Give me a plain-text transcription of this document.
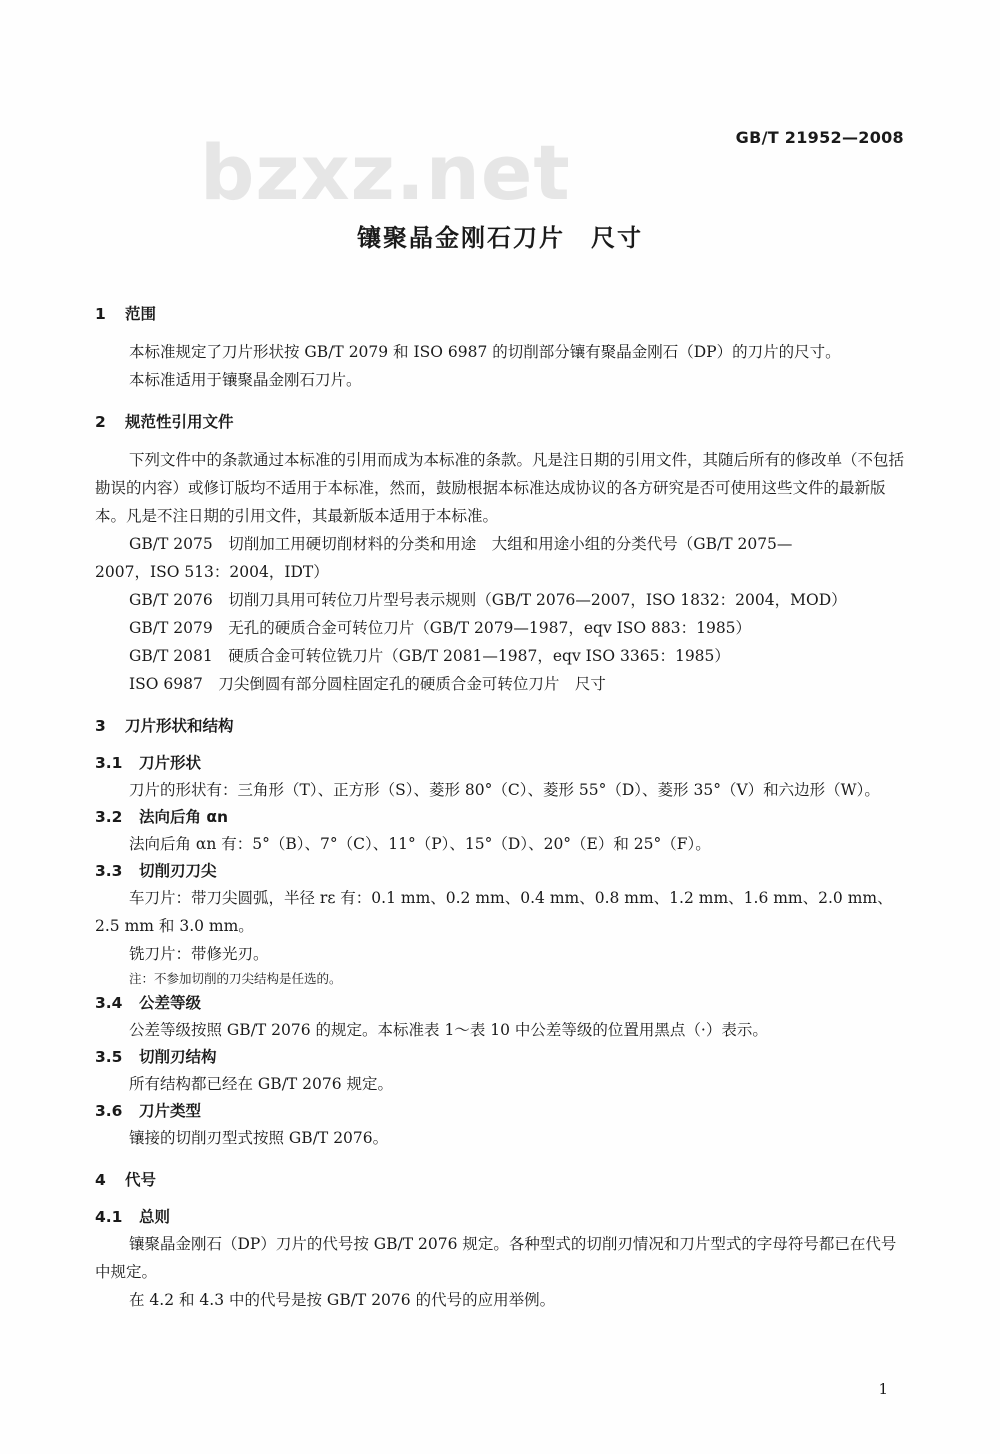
bzxz.net	GB/T 21952—2008
镶聚晶金刚石刀片　尺寸
1 范围

本标准规定了刀片形状按 GB/T 2079 和 ISO 6987 的切削部分镶有聚晶金刚石（DP）的刀片的尺寸。

本标准适用于镶聚晶金刚石刀片。

2 规范性引用文件

下列文件中的条款通过本标准的引用而成为本标准的条款。凡是注日期的引用文件，其随后所有的修改单（不包括勘误的内容）或修订版均不适用于本标准，然而，鼓励根据本标准达成协议的各方研究是否可使用这些文件的最新版本。凡是不注日期的引用文件，其最新版本适用于本标准。

GB/T 2075　切削加工用硬切削材料的分类和用途　大组和用途小组的分类代号（GB/T 2075—

2007，ISO 513：2004，IDT）

GB/T 2076　切削刀具用可转位刀片型号表示规则（GB/T 2076—2007，ISO 1832：2004，MOD）

GB/T 2079　无孔的硬质合金可转位刀片（GB/T 2079—1987，eqv ISO 883：1985）

GB/T 2081　硬质合金可转位铣刀片（GB/T 2081—1987，eqv ISO 3365：1985）

ISO 6987　刀尖倒圆有部分圆柱固定孔的硬质合金可转位刀片　尺寸

3 刀片形状和结构
3.1 刀片形状

刀片的形状有：三角形（T）、正方形（S）、菱形 80°（C）、菱形 55°（D）、菱形 35°（V）和六边形（W）。

3.2 法向后角 αn

法向后角 αn 有：5°（B）、7°（C）、11°（P）、15°（D）、20°（E）和 25°（F）。

3.3 切削刃刀尖

车刀片：带刀尖圆弧，半径 rε 有：0.1 mm、0.2 mm、0.4 mm、0.8 mm、1.2 mm、1.6 mm、2.0 mm、2.5 mm 和 3.0 mm。

铣刀片：带修光刃。

注：不参加切削的刀尖结构是任选的。

3.4 公差等级

公差等级按照 GB/T 2076 的规定。本标准表 1～表 10 中公差等级的位置用黑点（·）表示。

3.5 切削刃结构

所有结构都已经在 GB/T 2076 规定。

3.6 刀片类型

镶接的切削刃型式按照 GB/T 2076。

4 代号
4.1 总则

镶聚晶金刚石（DP）刀片的代号按 GB/T 2076 规定。各种型式的切削刃情况和刀片型式的字母符号都已在代号中规定。

在 4.2 和 4.3 中的代号是按 GB/T 2076 的代号的应用举例。

1
